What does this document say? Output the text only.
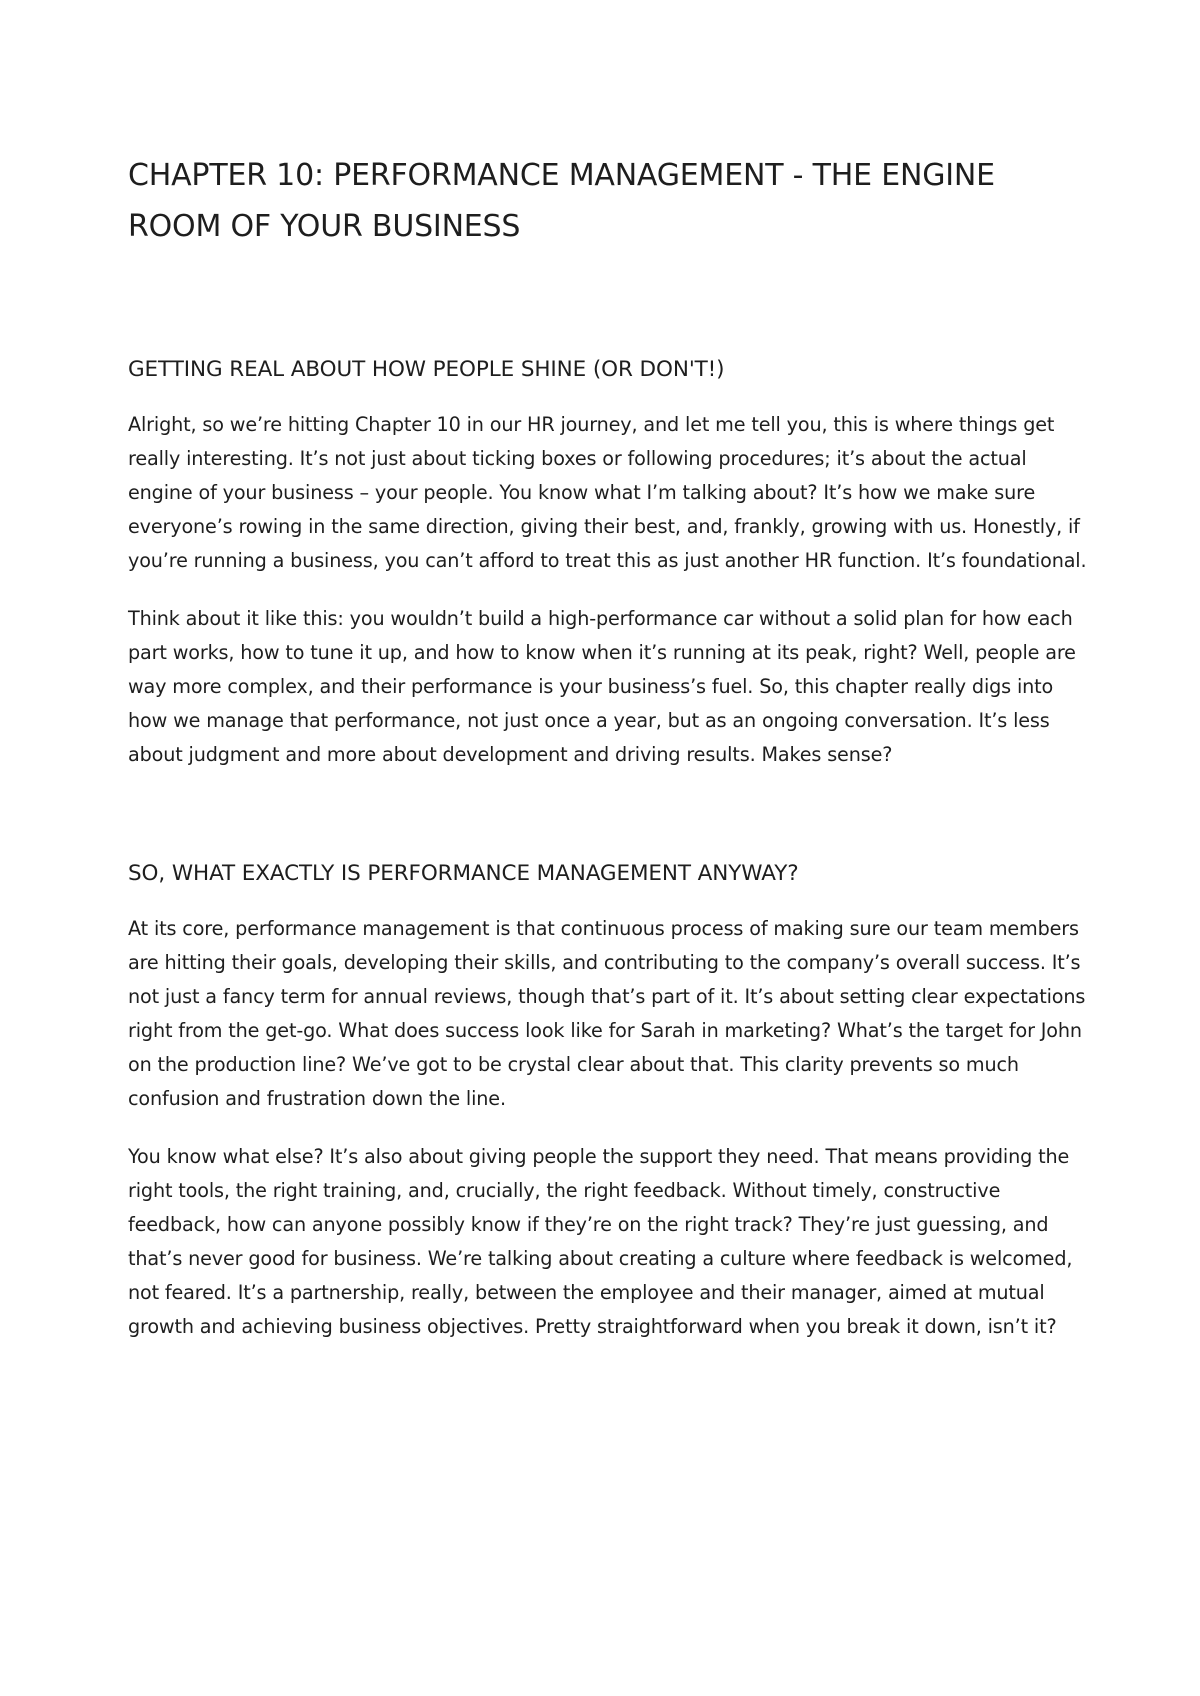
CHAPTER 10: PERFORMANCE MANAGEMENT - THE ENGINE ROOM OF YOUR BUSINESS
GETTING REAL ABOUT HOW PEOPLE SHINE (OR DON'T!)

Alright, so we’re hitting Chapter 10 in our HR journey, and let me tell you, this is where things get really interesting. It’s not just about ticking boxes or following procedures; it’s about the actual engine of your business – your people. You know what I’m talking about? It’s how we make sure everyone’s rowing in the same direction, giving their best, and, frankly, growing with us. Honestly, if you’re running a business, you can’t afford to treat this as just another HR function. It’s foundational.

Think about it like this: you wouldn’t build a high-performance car without a solid plan for how each part works, how to tune it up, and how to know when it’s running at its peak, right? Well, people are way more complex, and their performance is your business’s fuel. So, this chapter really digs into how we manage that performance, not just once a year, but as an ongoing conversation. It’s less about judgment and more about development and driving results. Makes sense?

SO, WHAT EXACTLY IS PERFORMANCE MANAGEMENT ANYWAY?

At its core, performance management is that continuous process of making sure our team members are hitting their goals, developing their skills, and contributing to the company’s overall success. It’s not just a fancy term for annual reviews, though that’s part of it. It’s about setting clear expectations right from the get-go. What does success look like for Sarah in marketing? What’s the target for John on the production line? We’ve got to be crystal clear about that. This clarity prevents so much confusion and frustration down the line.

You know what else? It’s also about giving people the support they need. That means providing the right tools, the right training, and, crucially, the right feedback. Without timely, constructive feedback, how can anyone possibly know if they’re on the right track? They’re just guessing, and that’s never good for business. We’re talking about creating a culture where feedback is welcomed, not feared. It’s a partnership, really, between the employee and their manager, aimed at mutual growth and achieving business objectives. Pretty straightforward when you break it down, isn’t it?
